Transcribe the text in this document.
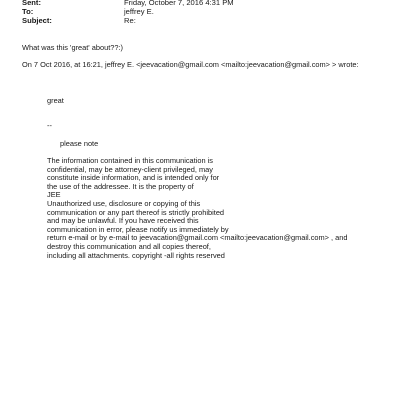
Sent:	Friday, October 7, 2016 4:31 PM
To:	jeffrey E.
Subject:	Re:
What was this 'great' about??:)
On 7 Oct 2016, at 16:21, jeffrey E. <jeevacation@gmail.com <mailto:jeevacation@gmail.com> > wrote:
great
--
please note
The information contained in this communication is
confidential, may be attorney-client privileged, may
constitute inside information, and is intended only for
the use of the addressee. It is the property of
JEE
Unauthorized use, disclosure or copying of this
communication or any part thereof is strictly prohibited
and may be unlawful. If you have received this
communication in error, please notify us immediately by
return e-mail or by e-mail to jeevacation@gmail.com <mailto:jeevacation@gmail.com> , and
destroy this communication and all copies thereof,
including all attachments. copyright -all rights reserved
